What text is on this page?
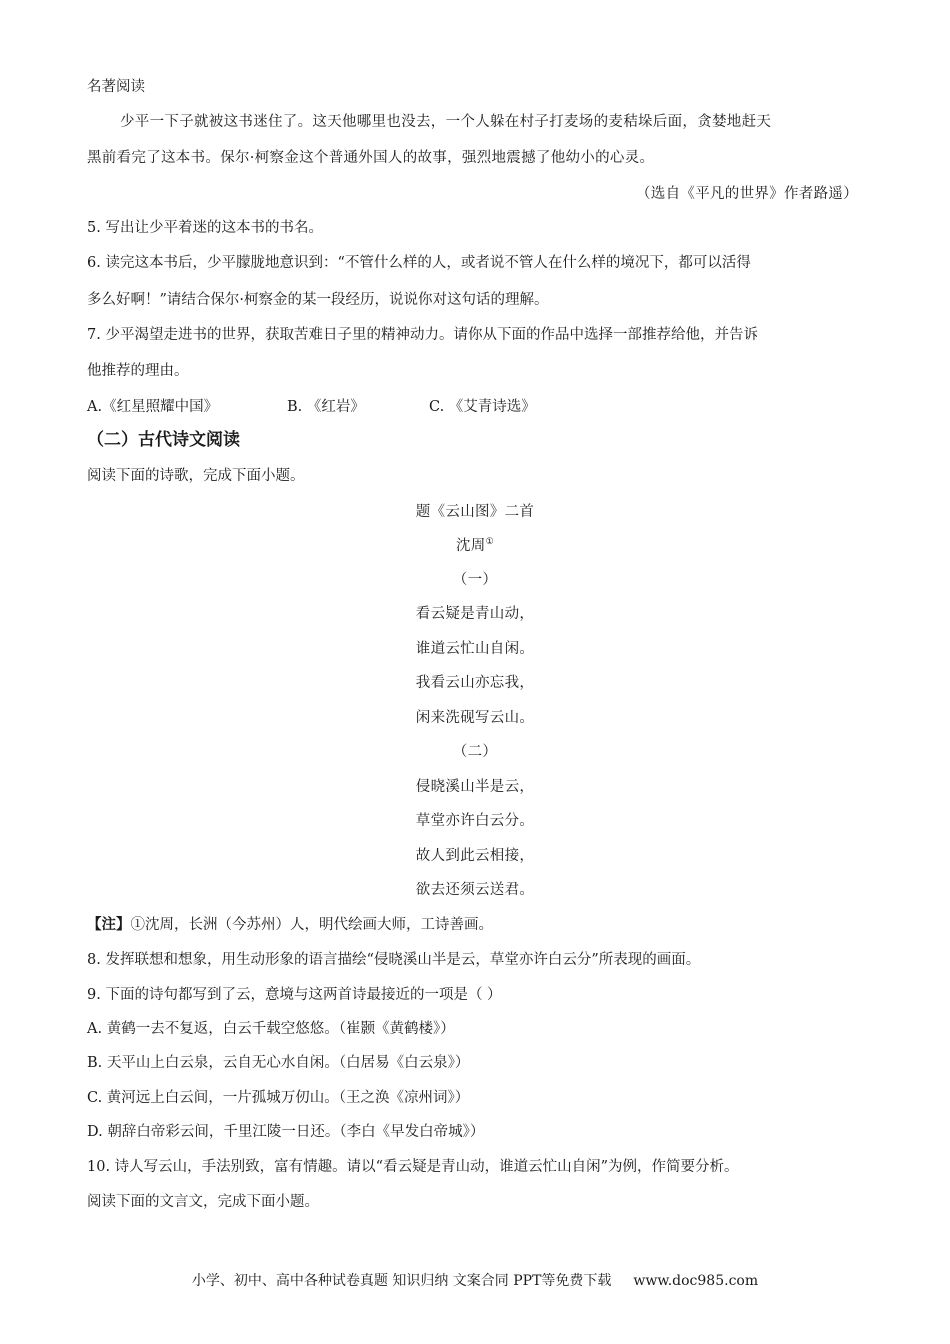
名著阅读
少平一下子就被这书迷住了。这天他哪里也没去，一个人躲在村子打麦场的麦秸垛后面，贪婪地赶天
黑前看完了这本书。保尔·柯察金这个普通外国人的故事，强烈地震撼了他幼小的心灵。
（选自《平凡的世界》作者路遥）
5. 写出让少平着迷的这本书的书名。
6. 读完这本书后，少平朦胧地意识到：“不管什么样的人，或者说不管人在什么样的境况下，都可以活得
多么好啊！”请结合保尔·柯察金的某一段经历，说说你对这句话的理解。
7. 少平渴望走进书的世界，获取苦难日子里的精神动力。请你从下面的作品中选择一部推荐给他，并告诉
他推荐的理由。
A.《红星照耀中国》	B. 《红岩》	C. 《艾青诗选》
（二）古代诗文阅读
阅读下面的诗歌，完成下面小题。
题《云山图》二首
沈周①
（一）
看云疑是青山动，
谁道云忙山自闲。
我看云山亦忘我，
闲来洗砚写云山。
（二）
侵晓溪山半是云，
草堂亦许白云分。
故人到此云相接，
欲去还须云送君。
【注】①沈周，长洲（今苏州）人，明代绘画大师，工诗善画。
8. 发挥联想和想象，用生动形象的语言描绘“侵晓溪山半是云，草堂亦许白云分”所表现的画面。
9. 下面的诗句都写到了云，意境与这两首诗最接近的一项是（ ）
A. 黄鹤一去不复返，白云千载空悠悠。（崔颢《黄鹤楼》）
B. 天平山上白云泉，云自无心水自闲。（白居易《白云泉》）
C. 黄河远上白云间，一片孤城万仞山。（王之涣《凉州词》）
D. 朝辞白帝彩云间，千里江陵一日还。（李白《早发白帝城》）
10. 诗人写云山，手法别致，富有情趣。请以“看云疑是青山动，谁道云忙山自闲”为例，作简要分析。
阅读下面的文言文，完成下面小题。
小学、初中、高中各种试卷真题 知识归纳 文案合同 PPT等免费下载 www.doc985.com
